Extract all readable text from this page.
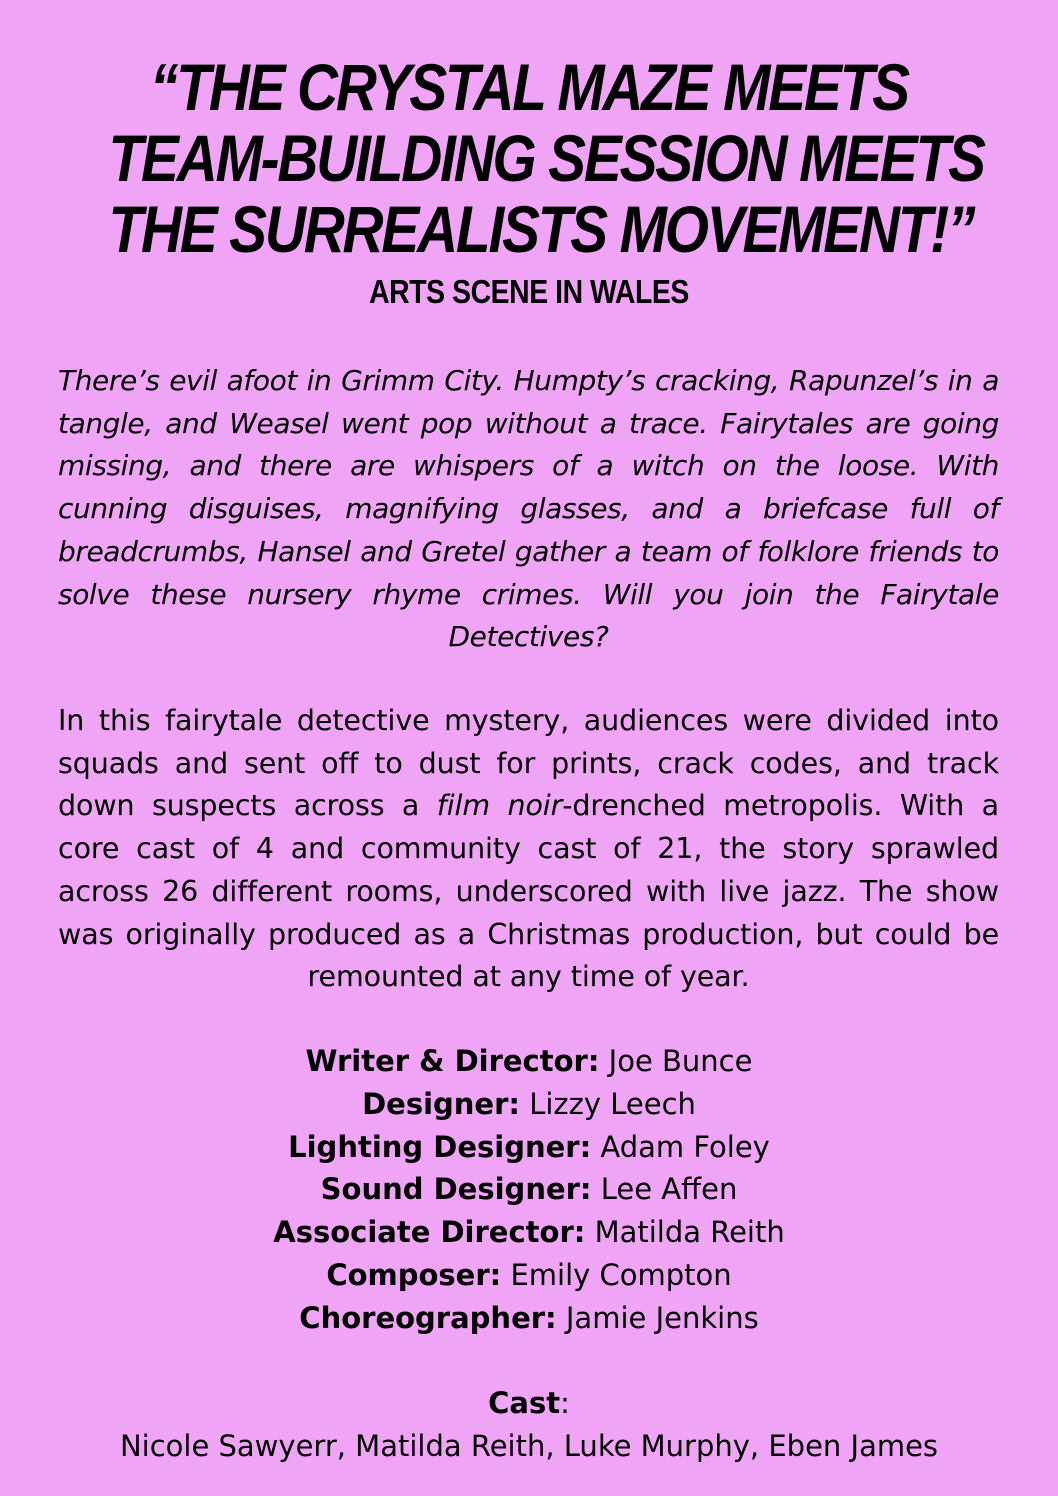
“THE CRYSTAL MAZE MEETS
TEAM-BUILDING SESSION MEETS
THE SURREALISTS MOVEMENT!”
ARTS SCENE IN WALES

There’s evil afoot in Grimm City. Humpty’s cracking, Rapunzel’s in a tangle, and Weasel went pop without a trace. Fairytales are going missing, and there are whispers of a witch on the loose. With cunning disguises, magnifying glasses, and a briefcase full of breadcrumbs, Hansel and Gretel gather a team of folklore friends to solve these nursery rhyme crimes. Will you join the Fairytale Detectives?

In this fairytale detective mystery, audiences were divided into squads and sent off to dust for prints, crack codes, and track down suspects across a film noir-drenched metropolis. With a core cast of 4 and community cast of 21, the story sprawled across 26 different rooms, underscored with live jazz. The show was originally produced as a Christmas production, but could be remounted at any time of year.

Writer & Director: Joe Bunce
Designer: Lizzy Leech
Lighting Designer: Adam Foley
Sound Designer: Lee Affen
Associate Director: Matilda Reith
Composer: Emily Compton
Choreographer: Jamie Jenkins
Cast:
Nicole Sawyerr, Matilda Reith, Luke Murphy, Eben James
